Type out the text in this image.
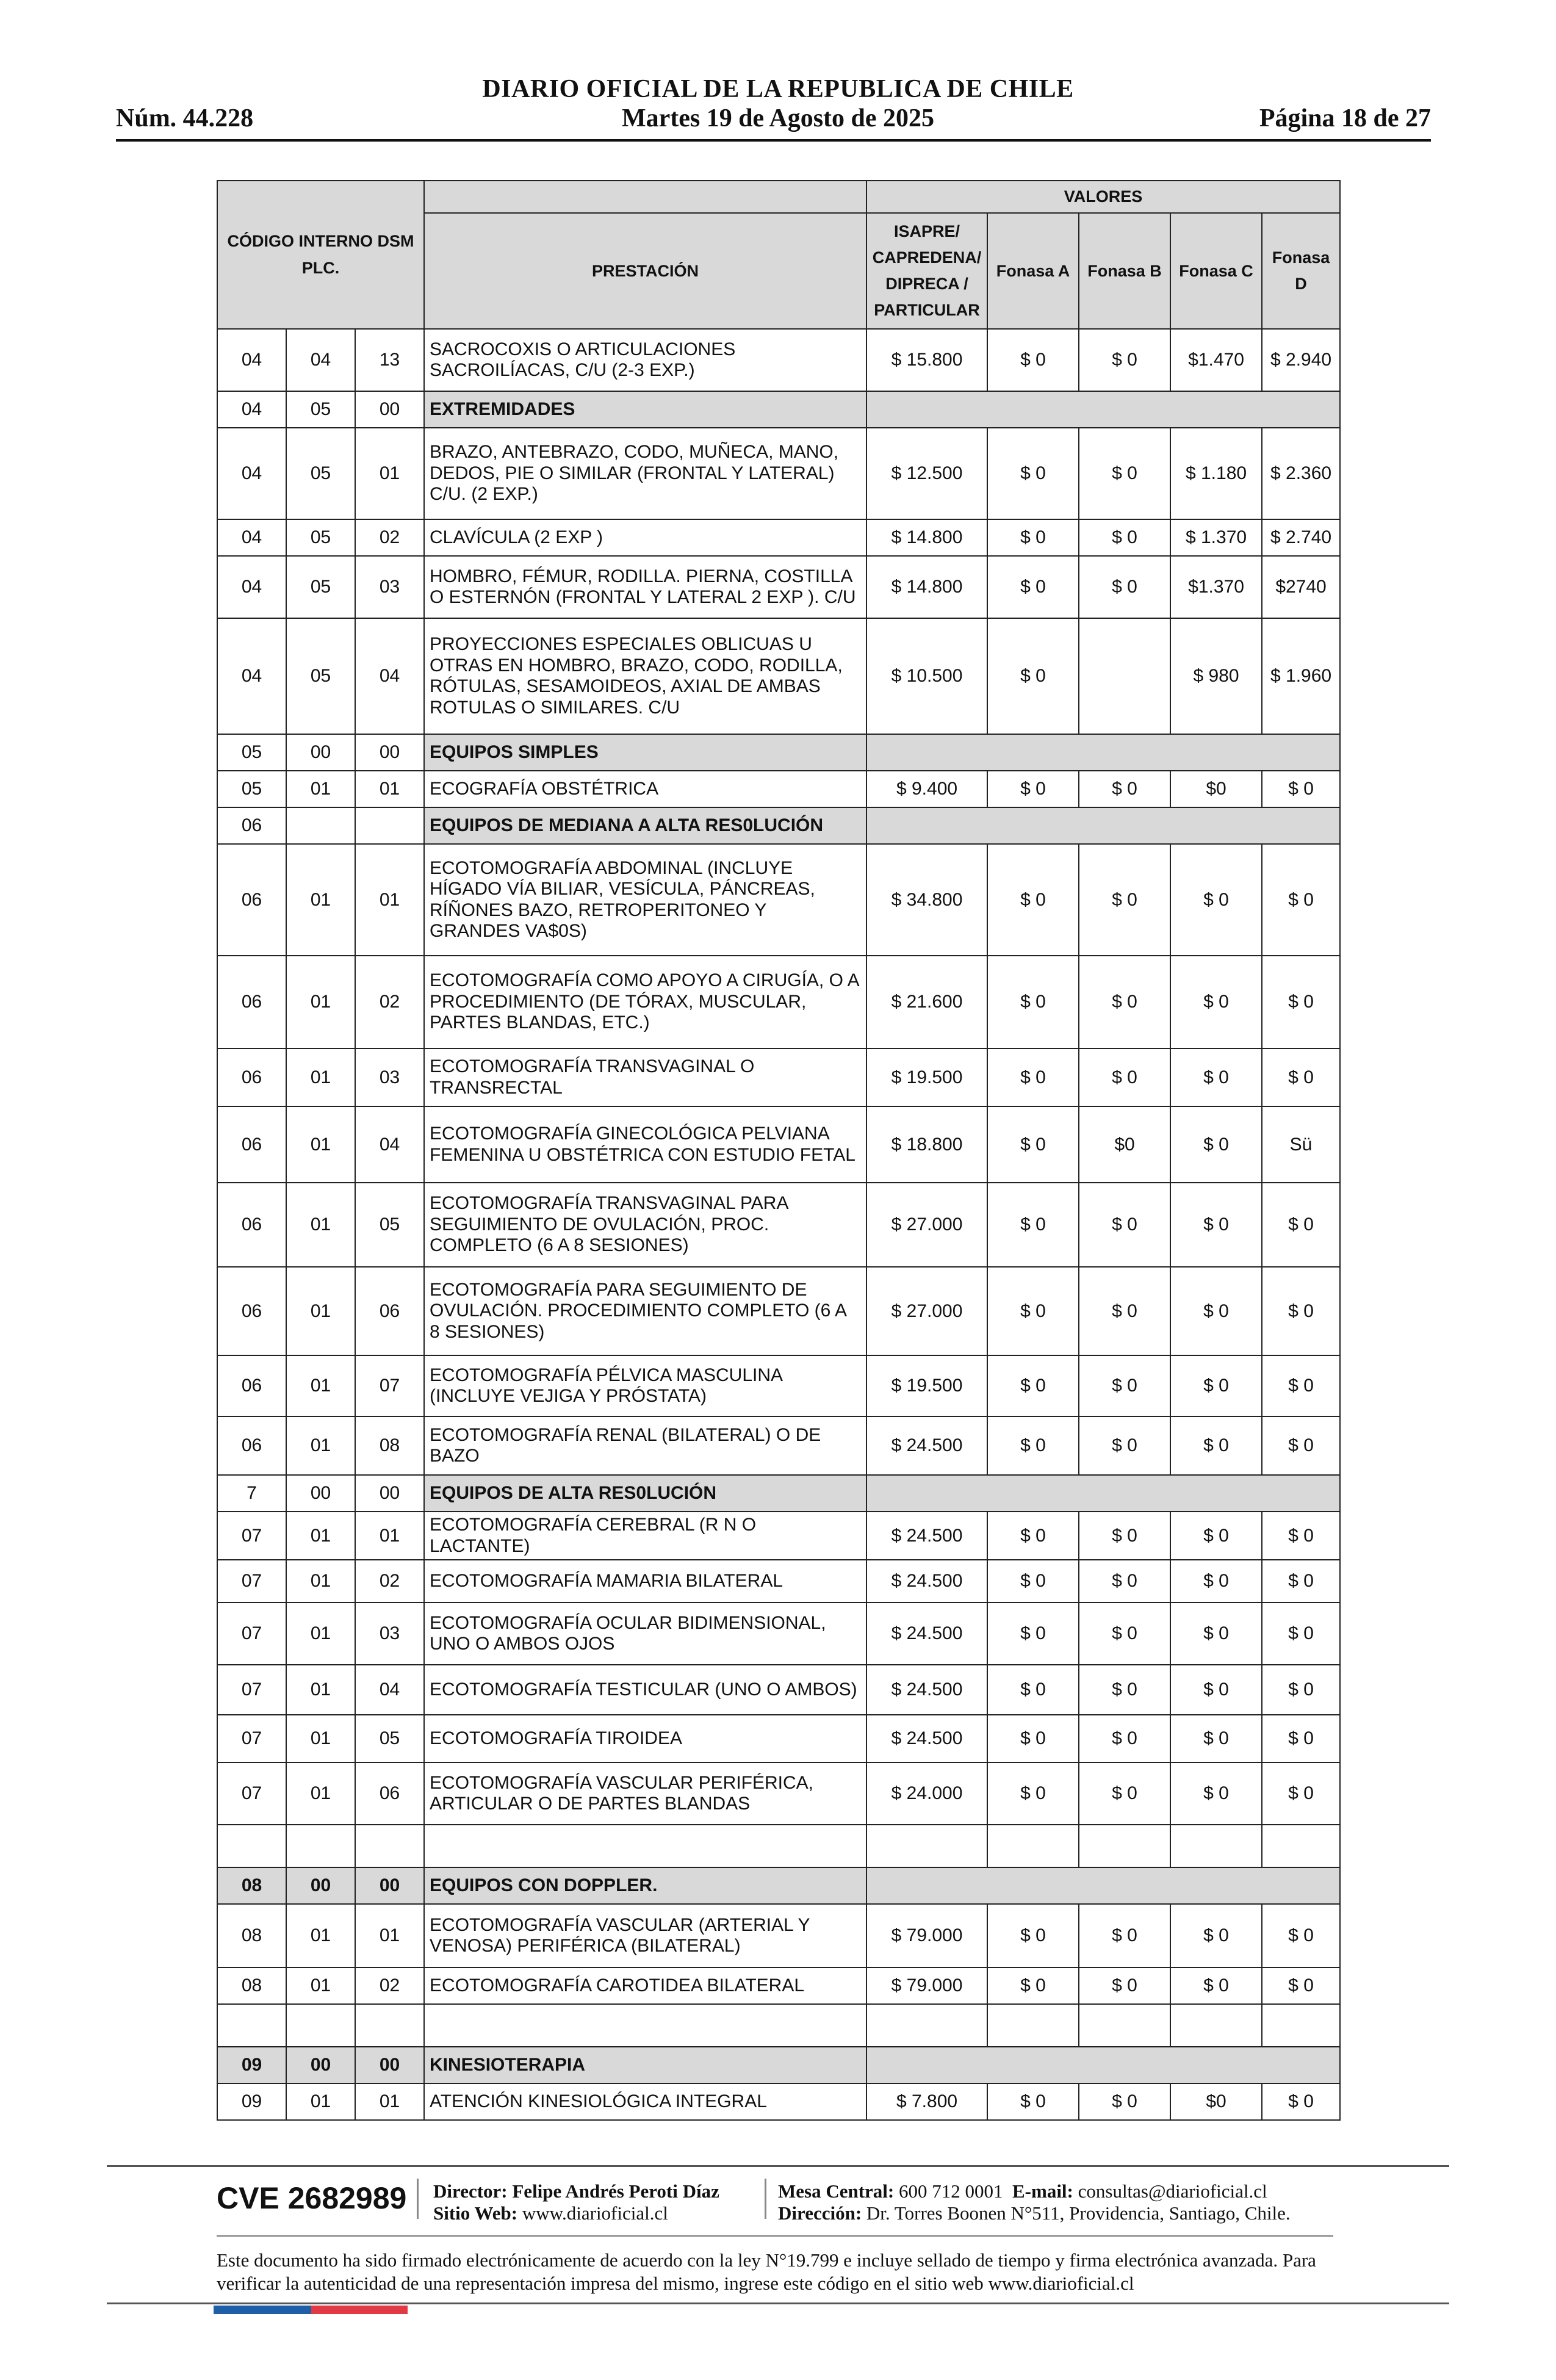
DIARIO OFICIAL DE LA REPUBLICA DE CHILE
Núm. 44.228	Martes 19 de Agosto de 2025	Página 18 de 27
CÓDIGO INTERNO DSM PLC.				VALORES				
			PRESTACIÓN	ISAPRE/ CAPREDENA/ DIPRECA / PARTICULAR	Fonasa A	Fonasa B	Fonasa C	Fonasa D
04	04	13	SACROCOXIS O ARTICULACIONES SACROILÍACAS, C/U (2-3 EXP.)	$ 15.800	$ 0	$ 0	$1.470	$ 2.940
04	05	00	EXTREMIDADES					
04	05	01	BRAZO, ANTEBRAZO, CODO, MUÑECA, MANO, DEDOS, PIE O SIMILAR (FRONTAL Y LATERAL) C/U. (2 EXP.)	$ 12.500	$ 0	$ 0	$ 1.180	$ 2.360
04	05	02	CLAVÍCULA (2 EXP )	$ 14.800	$ 0	$ 0	$ 1.370	$ 2.740
04	05	03	HOMBRO, FÉMUR, RODILLA. PIERNA, COSTILLA O ESTERNÓN (FRONTAL Y LATERAL 2 EXP ). C/U	$ 14.800	$ 0	$ 0	$1.370	$2740
04	05	04	PROYECCIONES ESPECIALES OBLICUAS U OTRAS EN HOMBRO, BRAZO, CODO, RODILLA, RÓTULAS, SESAMOIDEOS, AXIAL DE AMBAS ROTULAS O SIMILARES. C/U	$ 10.500	$ 0		$ 980	$ 1.960
05	00	00	EQUIPOS SIMPLES					
05	01	01	ECOGRAFÍA OBSTÉTRICA	$ 9.400	$ 0	$ 0	$0	$ 0
06			EQUIPOS DE MEDIANA A ALTA RES0LUCIÓN					
06	01	01	ECOTOMOGRAFÍA ABDOMINAL (INCLUYE HÍGADO VÍA BILIAR, VESÍCULA, PÁNCREAS, RÍÑONES BAZO, RETROPERITONEO Y GRANDES VA$0S)	$ 34.800	$ 0	$ 0	$ 0	$ 0
06	01	02	ECOTOMOGRAFÍA COMO APOYO A CIRUGÍA, O A PROCEDIMIENTO (DE TÓRAX, MUSCULAR, PARTES BLANDAS, ETC.)	$ 21.600	$ 0	$ 0	$ 0	$ 0
06	01	03	ECOTOMOGRAFÍA TRANSVAGINAL O TRANSRECTAL	$ 19.500	$ 0	$ 0	$ 0	$ 0
06	01	04	ECOTOMOGRAFÍA GINECOLÓGICA PELVIANA FEMENINA U OBSTÉTRICA CON ESTUDIO FETAL	$ 18.800	$ 0	$0	$ 0	Sü
06	01	05	ECOTOMOGRAFÍA TRANSVAGINAL PARA SEGUIMIENTO DE OVULACIÓN, PROC. COMPLETO (6 A 8 SESIONES)	$ 27.000	$ 0	$ 0	$ 0	$ 0
06	01	06	ECOTOMOGRAFÍA PARA SEGUIMIENTO DE OVULACIÓN. PROCEDIMIENTO COMPLETO (6 A 8 SESIONES)	$ 27.000	$ 0	$ 0	$ 0	$ 0
06	01	07	ECOTOMOGRAFÍA PÉLVICA MASCULINA (INCLUYE VEJIGA Y PRÓSTATA)	$ 19.500	$ 0	$ 0	$ 0	$ 0
06	01	08	ECOTOMOGRAFÍA RENAL (BILATERAL) O DE BAZO	$ 24.500	$ 0	$ 0	$ 0	$ 0
7	00	00	EQUIPOS DE ALTA RES0LUCIÓN					
07	01	01	ECOTOMOGRAFÍA CEREBRAL (R N O LACTANTE)	$ 24.500	$ 0	$ 0	$ 0	$ 0
07	01	02	ECOTOMOGRAFÍA MAMARIA BILATERAL	$ 24.500	$ 0	$ 0	$ 0	$ 0
07	01	03	ECOTOMOGRAFÍA OCULAR BIDIMENSIONAL, UNO O AMBOS OJOS	$ 24.500	$ 0	$ 0	$ 0	$ 0
07	01	04	ECOTOMOGRAFÍA TESTICULAR (UNO O AMBOS)	$ 24.500	$ 0	$ 0	$ 0	$ 0
07	01	05	ECOTOMOGRAFÍA TIROIDEA	$ 24.500	$ 0	$ 0	$ 0	$ 0
07	01	06	ECOTOMOGRAFÍA VASCULAR PERIFÉRICA, ARTICULAR O DE PARTES BLANDAS	$ 24.000	$ 0	$ 0	$ 0	$ 0

08	00	00	EQUIPOS CON DOPPLER.					
08	01	01	ECOTOMOGRAFÍA VASCULAR (ARTERIAL Y VENOSA) PERIFÉRICA (BILATERAL)	$ 79.000	$ 0	$ 0	$ 0	$ 0
08	01	02	ECOTOMOGRAFÍA CAROTIDEA BILATERAL	$ 79.000	$ 0	$ 0	$ 0	$ 0

09	00	00	KINESIOTERAPIA					
09	01	01	ATENCIÓN KINESIOLÓGICA INTEGRAL	$ 7.800	$ 0	$ 0	$0	$ 0
CVE 2682989 Director: Felipe Andrés Peroti Díaz
Sitio Web: www.diarioficial.cl
Mesa Central: 600 712 0001 E-mail: consultas@diarioficial.cl
Dirección: Dr. Torres Boonen N°511, Providencia, Santiago, Chile.
Este documento ha sido firmado electrónicamente de acuerdo con la ley N°19.799 e incluye sellado de tiempo y firma electrónica avanzada. Para verificar la autenticidad de una representación impresa del mismo, ingrese este código en el sitio web www.diarioficial.cl
